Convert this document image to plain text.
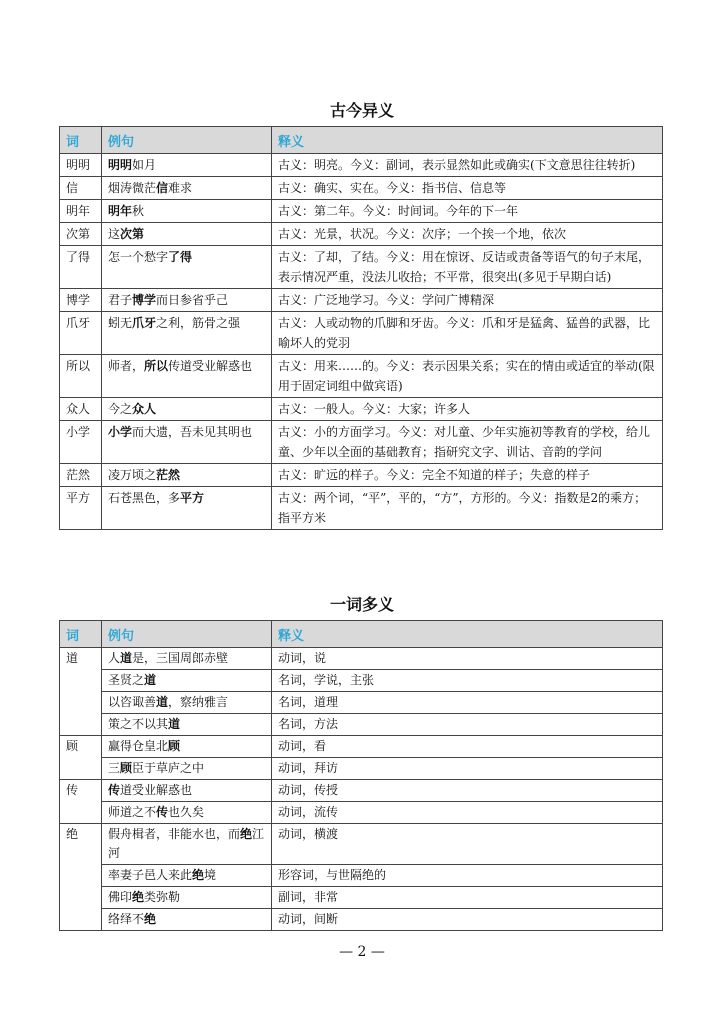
古今异义
词	例句	释义
明明	明明如月	古义：明亮。今义：副词，表示显然如此或确实(下文意思往往转折)
信	烟涛微茫信难求	古义：确实、实在。今义：指书信、信息等
明年	明年秋	古义：第二年。今义：时间词。今年的下一年
次第	这次第	古义：光景，状况。今义：次序；一个挨一个地，依次
了得	怎一个愁字了得	古义：了却，了结。今义：用在惊讶、反诘或责备等语气的句子末尾，表示情况严重，没法儿收拾；不平常，很突出(多见于早期白话)
博学	君子博学而日参省乎己	古义：广泛地学习。今义：学问广博精深
爪牙	蚓无爪牙之利，筋骨之强	古义：人或动物的爪脚和牙齿。今义：爪和牙是猛禽、猛兽的武器，比喻坏人的党羽
所以	师者，所以传道受业解惑也	古义：用来……的。今义：表示因果关系；实在的情由或适宜的举动(限用于固定词组中做宾语)
众人	今之众人	古义：一般人。今义：大家；许多人
小学	小学而大遗，吾未见其明也	古义：小的方面学习。今义：对儿童、少年实施初等教育的学校，给儿童、少年以全面的基础教育；指研究文字、训诂、音韵的学问
茫然	凌万顷之茫然	古义：旷远的样子。今义：完全不知道的样子；失意的样子
平方	石苍黑色，多平方	古义：两个词，“平”，平的，“方”，方形的。今义：指数是2的乘方；指平方米
一词多义
词	例句	释义
道	人道是，三国周郎赤壁	动词，说
	圣贤之道	名词，学说，主张
	以咨诹善道，察纳雅言	名词，道理
	策之不以其道	名词，方法
顾	赢得仓皇北顾	动词，看
	三顾臣于草庐之中	动词，拜访
传	传道受业解惑也	动词，传授
	师道之不传也久矣	动词，流传
绝	假舟楫者，非能水也，而绝江河	动词，横渡
	率妻子邑人来此绝境	形容词，与世隔绝的
	佛印绝类弥勒	副词，非常
	络绎不绝	动词，间断
— 2 —
